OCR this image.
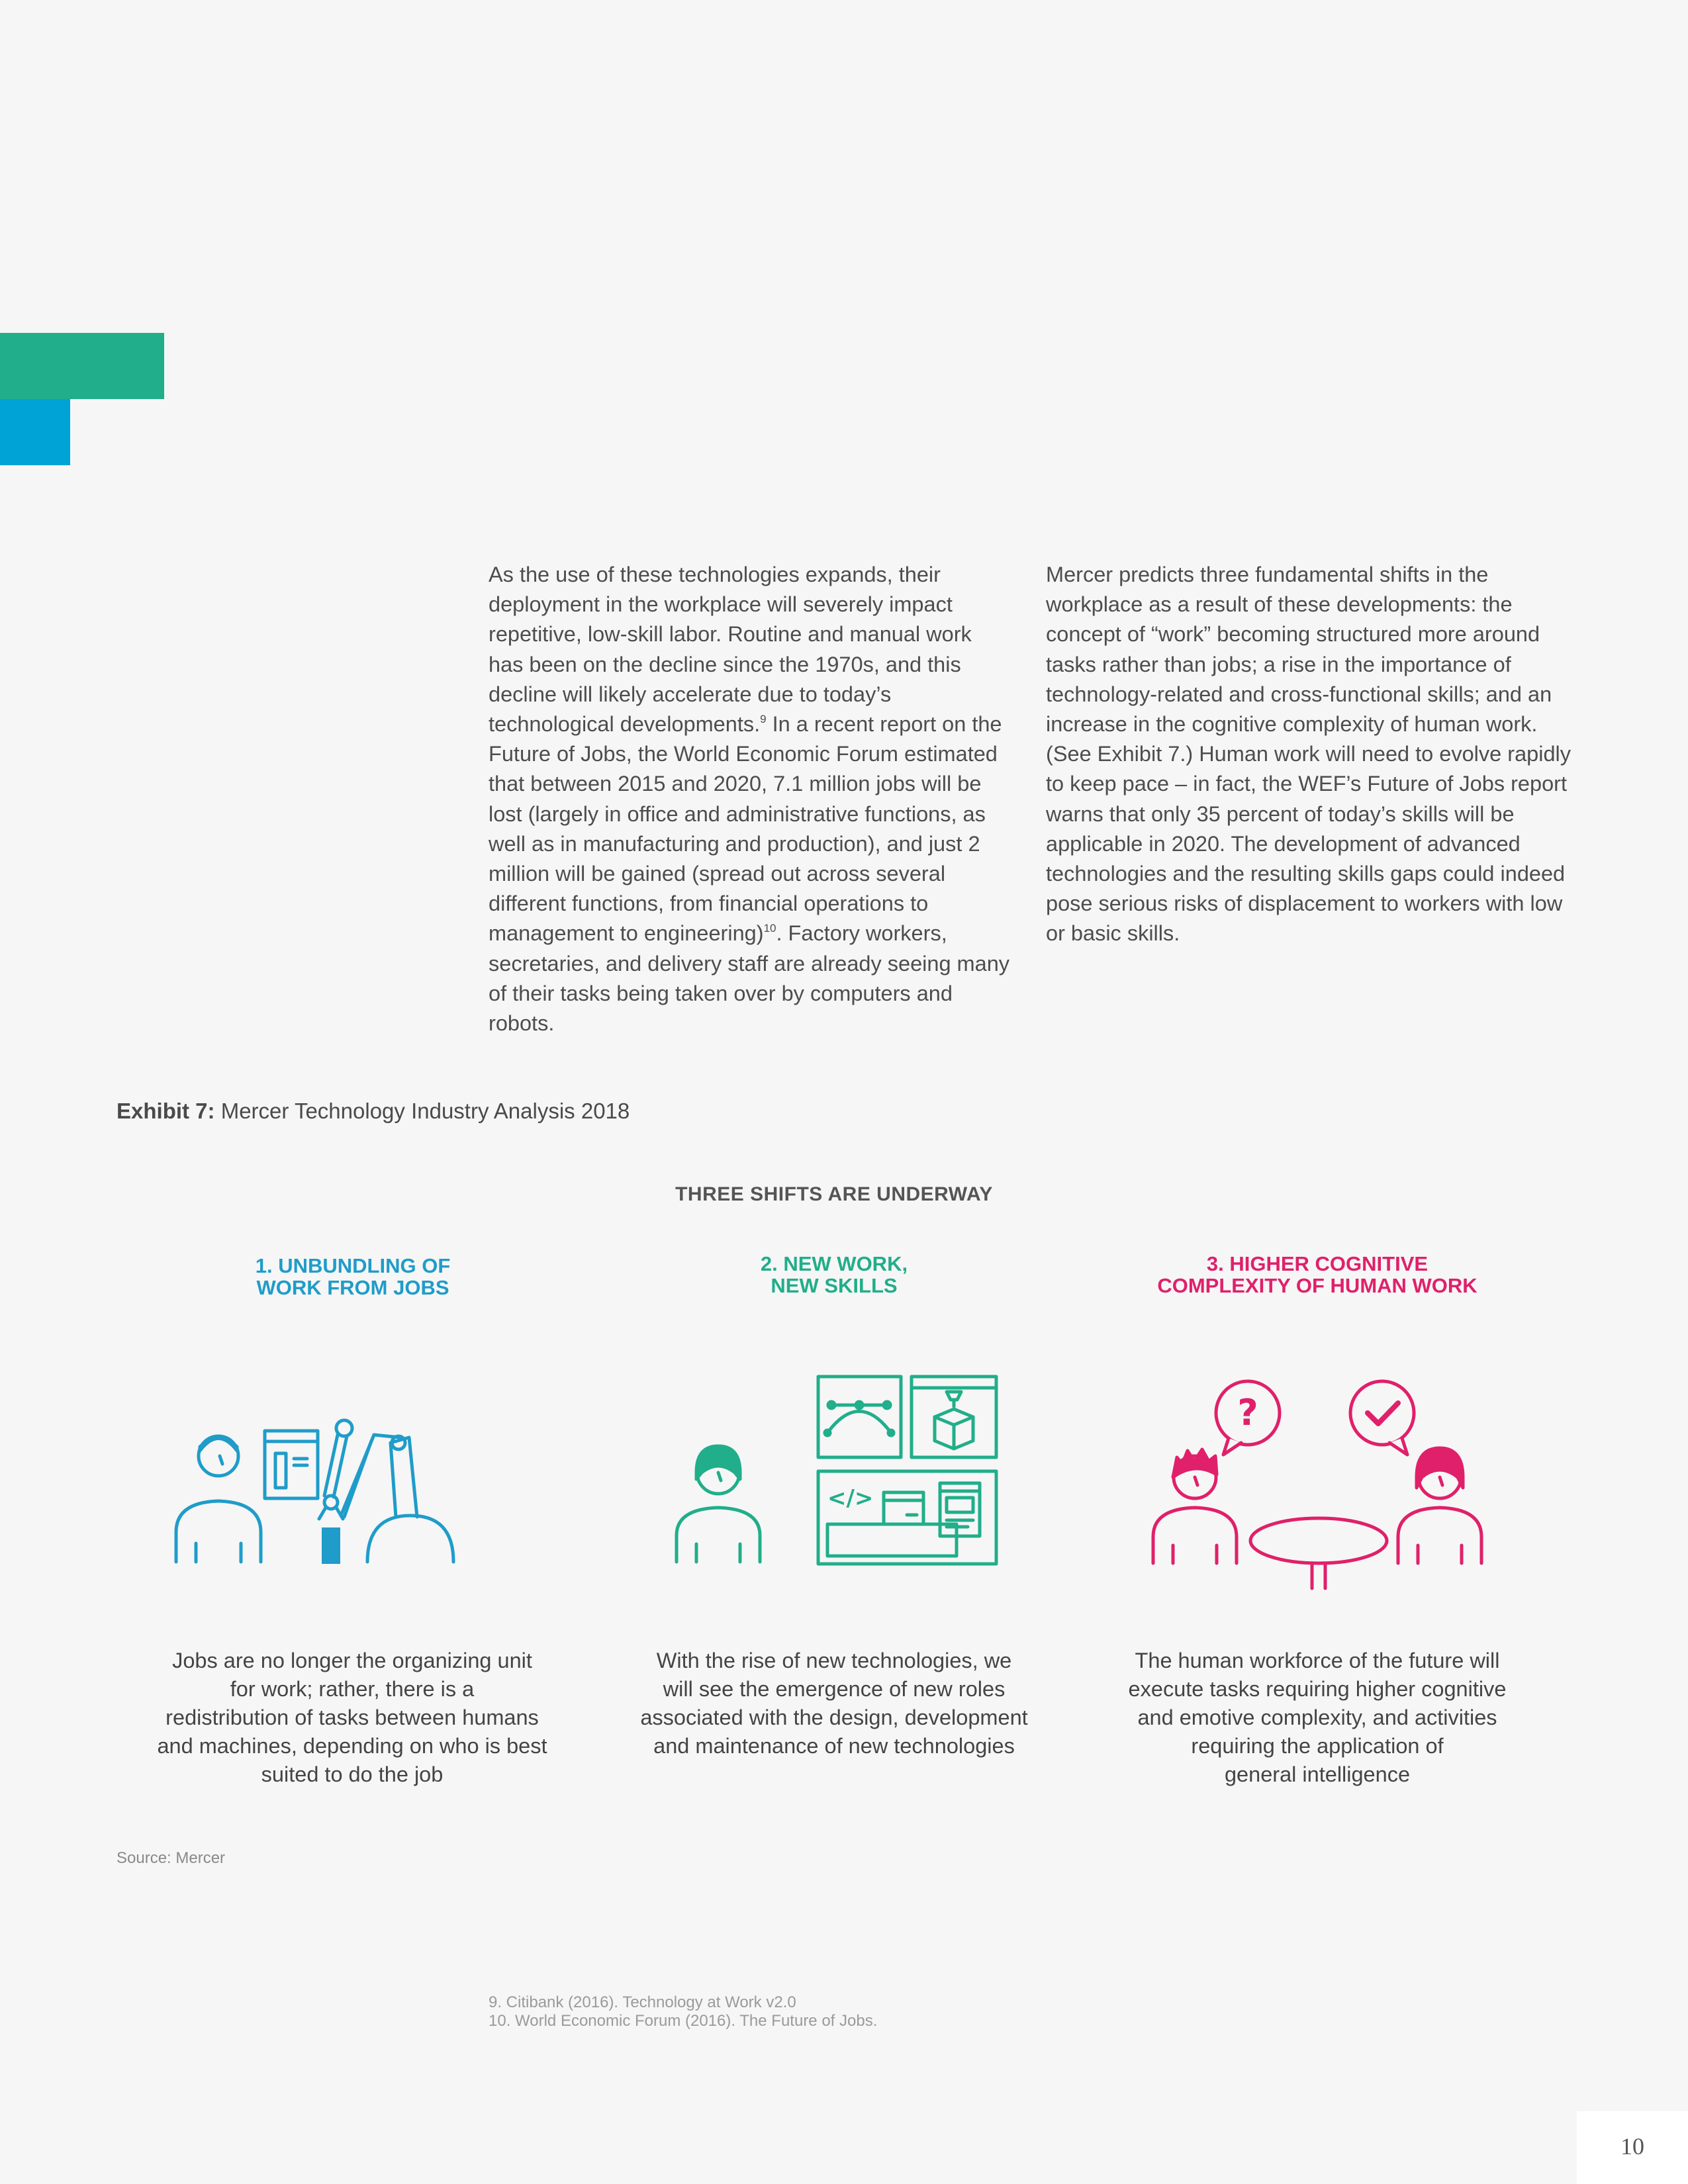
As the use of these technologies expands, their deployment in the workplace will severely impact repetitive, low-skill labor. Routine and manual work has been on the decline since the 1970s, and this decline will likely accelerate due to today’s technological developments.$^9$ In a recent report on the Future of Jobs, the World Economic Forum estimated that between 2015 and 2020, 7.1 million jobs will be lost (largely in office and administrative functions, as well as in manufacturing and production), and just 2 million will be gained (spread out across several different functions, from financial operations to management to engineering)$^{10}$. Factory workers, secretaries, and delivery staff are already seeing many of their tasks being taken over by computers and robots.

Mercer predicts three fundamental shifts in the workplace as a result of these developments: the concept of “work” becoming structured more around tasks rather than jobs; a rise in the importance of technology-related and cross-functional skills; and an increase in the cognitive complexity of human work. (See Exhibit 7.) Human work will need to evolve rapidly to keep pace – in fact, the WEF’s Future of Jobs report warns that only 35 percent of today’s skills will be applicable in 2020. The development of advanced technologies and the resulting skills gaps could indeed pose serious risks of displacement to workers with low or basic skills.

Exhibit 7: Mercer Technology Industry Analysis 2018
THREE SHIFTS ARE UNDERWAY
1. UNBUNDLING OF
WORK FROM JOBS
2. NEW WORK,
NEW SKILLS
3. HIGHER COGNITIVE
COMPLEXITY OF HUMAN WORK
</>
?
Jobs are no longer the organizing unit
for work; rather, there is a
redistribution of tasks between humans
and machines, depending on who is best
suited to do the job
With the rise of new technologies, we
will see the emergence of new roles
associated with the design, development
and maintenance of new technologies
The human workforce of the future will
execute tasks requiring higher cognitive
and emotive complexity, and activities
requiring the application of
general intelligence
Source: Mercer
9. Citibank (2016). Technology at Work v2.0
10. World Economic Forum (2016). The Future of Jobs.
10
